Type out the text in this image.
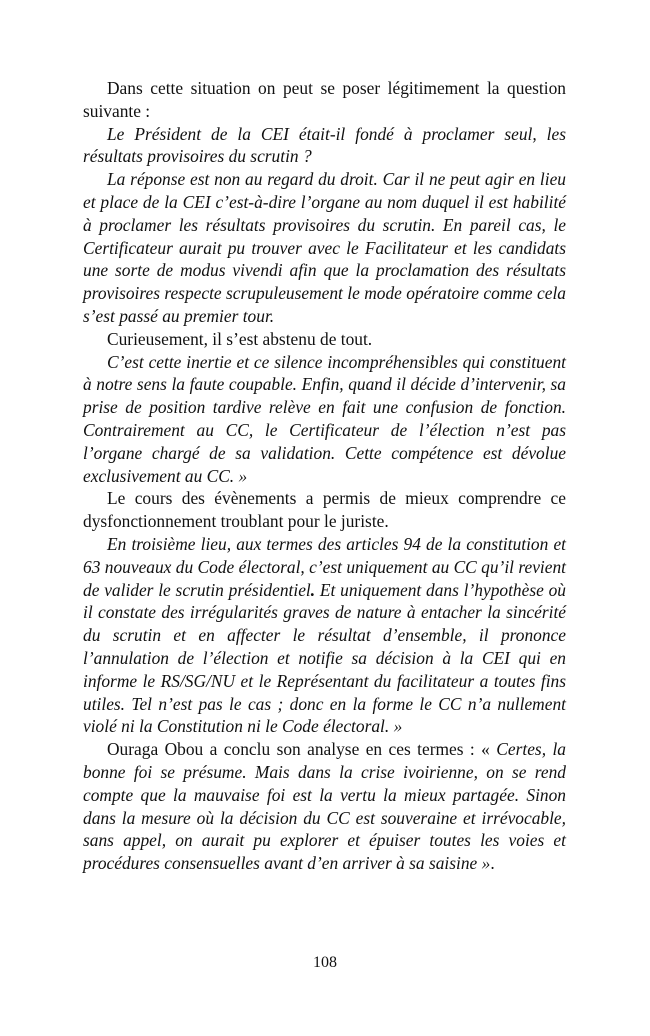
Dans cette situation on peut se poser légitimement la question suivante :

Le Président de la CEI était-il fondé à proclamer seul, les résultats provisoires du scrutin ?

La réponse est non au regard du droit. Car il ne peut agir en lieu et place de la CEI c’est-à-dire l’organe au nom duquel il est habilité à proclamer les résultats provisoires du scrutin. En pareil cas, le Certificateur aurait pu trouver avec le Facilitateur et les candidats une sorte de modus vivendi afin que la proclamation des résultats provisoires respecte scrupuleusement le mode opératoire comme cela s’est passé au premier tour.

Curieusement, il s’est abstenu de tout.

C’est cette inertie et ce silence incompréhensibles qui constituent à notre sens la faute coupable. Enfin, quand il décide d’intervenir, sa prise de position tardive relève en fait une confusion de fonction. Contrairement au CC, le Certificateur de l’élection n’est pas l’organe chargé de sa validation. Cette compétence est dévolue exclusivement au CC. »

Le cours des évènements a permis de mieux comprendre ce dysfonctionnement troublant pour le juriste.

En troisième lieu, aux termes des articles 94 de la constitution et 63 nouveaux du Code électoral, c’est uniquement au CC qu’il revient de valider le scrutin présidentiel. Et uniquement dans l’hypothèse où il constate des irrégularités graves de nature à entacher la sincérité du scrutin et en affecter le résultat d’ensemble, il prononce l’annulation de l’élection et notifie sa décision à la CEI qui en informe le RS/SG/NU et le Représentant du facilitateur a toutes fins utiles. Tel n’est pas le cas ; donc en la forme le CC n’a nullement violé ni la Constitution ni le Code électoral. »

Ouraga Obou a conclu son analyse en ces termes : « Certes, la bonne foi se présume. Mais dans la crise ivoirienne, on se rend compte que la mauvaise foi est la vertu la mieux partagée. Sinon dans la mesure où la décision du CC est souveraine et irrévocable, sans appel, on aurait pu explorer et épuiser toutes les voies et procédures consensuelles avant d’en arriver à sa saisine ».

108
